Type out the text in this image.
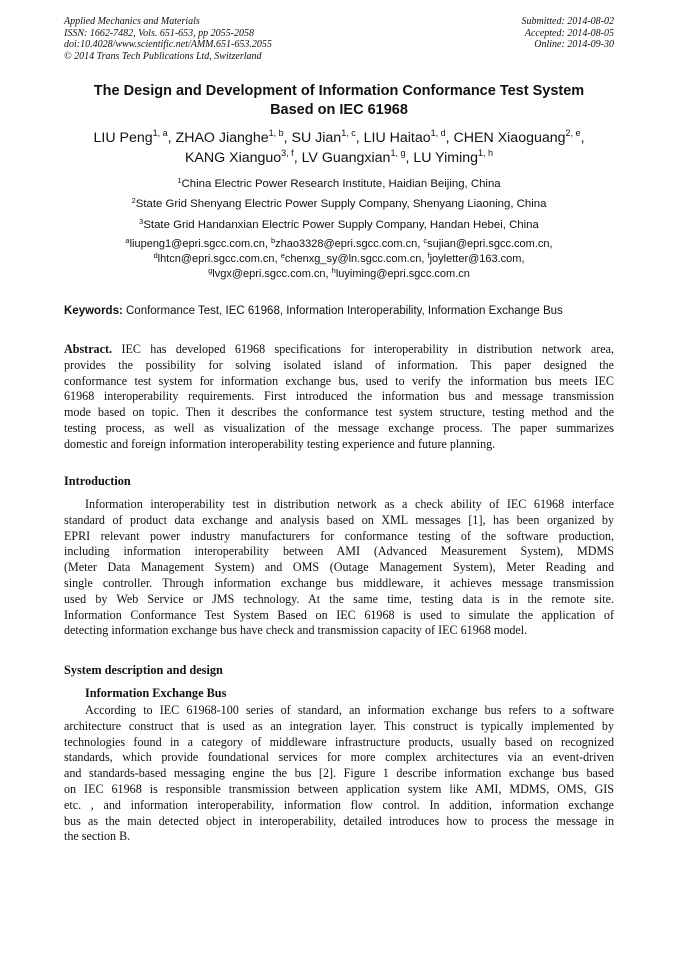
Applied Mechanics and Materials
ISSN: 1662-7482, Vols. 651-653, pp 2055-2058
doi:10.4028/www.scientific.net/AMM.651-653.2055
© 2014 Trans Tech Publications Ltd, Switzerland
Submitted: 2014-08-02
Accepted: 2014-08-05
Online: 2014-09-30
The Design and Development of Information Conformance Test System
Based on IEC 61968
LIU Peng$^{1, a}$, ZHAO Jianghe$^{1, b}$, SU Jian$^{1, c}$, LIU Haitao$^{1, d}$, CHEN Xiaoguang$^{2, e}$,
KANG Xianguo$^{3, f}$, LV Guangxian$^{1, g}$, LU Yiming$^{1, h}$
$^1$China Electric Power Research Institute, Haidian Beijing, China
$^2$State Grid Shenyang Electric Power Supply Company, Shenyang Liaoning, China
$^3$State Grid Handanxian Electric Power Supply Company, Handan Hebei, China
$^a$liupeng1@epri.sgcc.com.cn, $^b$zhao3328@epri.sgcc.com.cn, $^c$sujian@epri.sgcc.com.cn,
$^d$lhtcn@epri.sgcc.com.cn, $^e$chenxg_sy@ln.sgcc.com.cn, $^f$joyletter@163.com,
$^g$lvgx@epri.sgcc.com.cn, $^h$luyiming@epri.sgcc.com.cn
Keywords: Conformance Test, IEC 61968, Information Interoperability, Information Exchange Bus
Abstract. IEC has developed 61968 specifications for interoperability in distribution network area,
provides the possibility for solving isolated island of information. This paper designed the
conformance test system for information exchange bus, used to verify the information bus meets IEC
61968 interoperability requirements. First introduced the information bus and message transmission
mode based on topic. Then it describes the conformance test system structure, testing method and the
testing process, as well as visualization of the message exchange process. The paper summarizes
domestic and foreign information interoperability testing experience and future planning.
Introduction
Information interoperability test in distribution network as a check ability of IEC 61968 interface
standard of product data exchange and analysis based on XML messages [1], has been organized by
EPRI relevant power industry manufacturers for conformance testing of the software production,
including information interoperability between AMI (Advanced Measurement System), MDMS
(Meter Data Management System) and OMS (Outage Management System), Meter Reading and
single controller. Through information exchange bus middleware, it achieves message transmission
used by Web Service or JMS technology. At the same time, testing data is in the remote site.
Information Conformance Test System Based on IEC 61968 is used to simulate the application of
detecting information exchange bus have check and transmission capacity of IEC 61968 model.
System description and design
Information Exchange Bus
According to IEC 61968-100 series of standard, an information exchange bus refers to a software
architecture construct that is used as an integration layer. This construct is typically implemented by
technologies found in a category of middleware infrastructure products, usually based on recognized
standards, which provide foundational services for more complex architectures via an event-driven
and standards-based messaging engine the bus [2]. Figure 1 describe information exchange bus based
on IEC 61968 is responsible transmission between application system like AMI, MDMS, OMS, GIS
etc. , and information interoperability, information flow control. In addition, information exchange
bus as the main detected object in interoperability, detailed introduces how to process the message in
the section B.
